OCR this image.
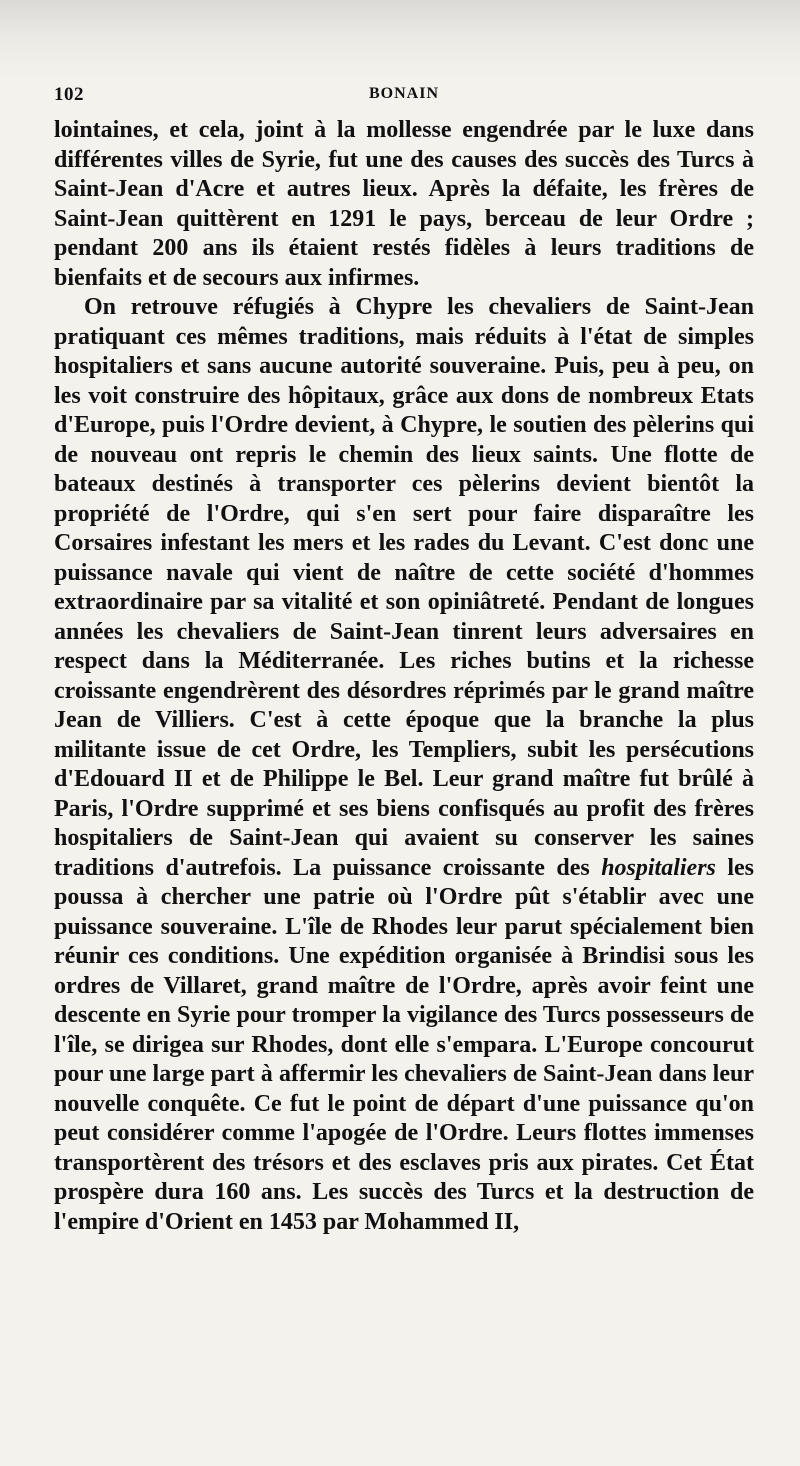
102	BONAIN

lointaines, et cela, joint à la mollesse engendrée par le luxe dans différentes villes de Syrie, fut une des causes des succès des Turcs à Saint-Jean d'Acre et autres lieux. Après la défaite, les frères de Saint-Jean quittèrent en 1291 le pays, berceau de leur Ordre ; pendant 200 ans ils étaient restés fidèles à leurs traditions de bienfaits et de secours aux infirmes.

On retrouve réfugiés à Chypre les chevaliers de Saint-Jean pratiquant ces mêmes traditions, mais réduits à l'état de simples hospitaliers et sans aucune autorité souveraine. Puis, peu à peu, on les voit construire des hôpitaux, grâce aux dons de nombreux Etats d'Europe, puis l'Ordre devient, à Chypre, le soutien des pèlerins qui de nouveau ont repris le chemin des lieux saints. Une flotte de bateaux destinés à transporter ces pèlerins devient bientôt la propriété de l'Ordre, qui s'en sert pour faire disparaître les Corsaires infestant les mers et les rades du Levant. C'est donc une puissance navale qui vient de naître de cette société d'hommes extraordinaire par sa vitalité et son opiniâtreté. Pendant de longues années les chevaliers de Saint-Jean tinrent leurs adversaires en respect dans la Méditerranée. Les riches butins et la richesse croissante engendrèrent des désordres réprimés par le grand maître Jean de Villiers. C'est à cette époque que la branche la plus militante issue de cet Ordre, les Templiers, subit les persécutions d'Edouard II et de Philippe le Bel. Leur grand maître fut brûlé à Paris, l'Ordre supprimé et ses biens confisqués au profit des frères hospitaliers de Saint-Jean qui avaient su conserver les saines traditions d'autrefois. La puissance croissante des hospitaliers les poussa à chercher une patrie où l'Ordre pût s'établir avec une puissance souveraine. L'île de Rhodes leur parut spécialement bien réunir ces conditions. Une expédition organisée à Brindisi sous les ordres de Villaret, grand maître de l'Ordre, après avoir feint une descente en Syrie pour tromper la vigilance des Turcs possesseurs de l'île, se dirigea sur Rhodes, dont elle s'empara. L'Europe concourut pour une large part à affermir les chevaliers de Saint-Jean dans leur nouvelle conquête. Ce fut le point de départ d'une puissance qu'on peut considérer comme l'apogée de l'Ordre. Leurs flottes immenses transportèrent des trésors et des esclaves pris aux pirates. Cet État prospère dura 160 ans. Les succès des Turcs et la destruction de l'empire d'Orient en 1453 par Mohammed II,
